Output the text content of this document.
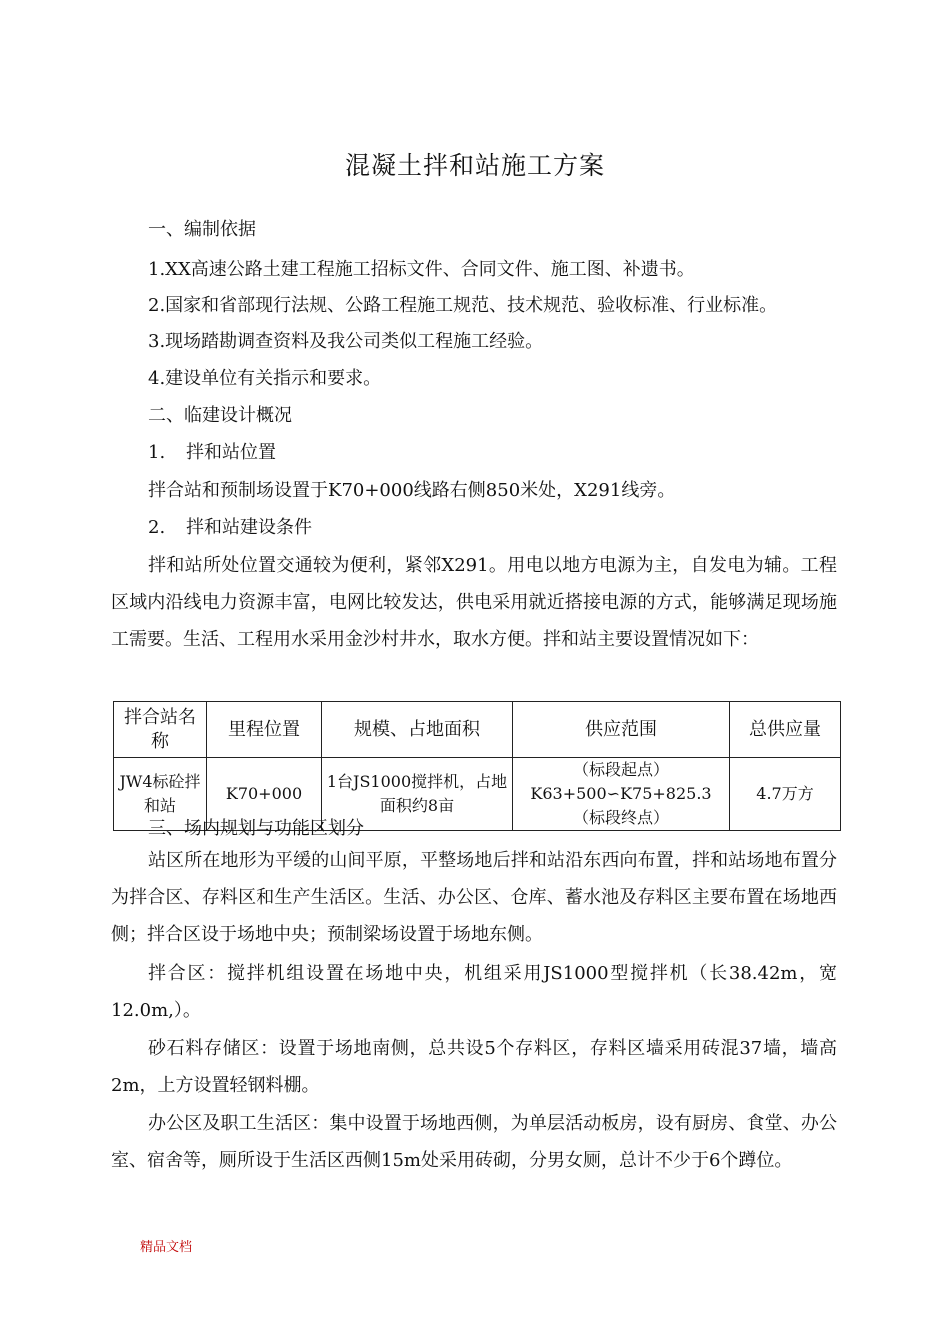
混凝土拌和站施工方案
一、编制依据
1.XX高速公路土建工程施工招标文件、合同文件、施工图、补遗书。
2.国家和省部现行法规、公路工程施工规范、技术规范、验收标准、行业标准。
3.现场踏勘调查资料及我公司类似工程施工经验。
4.建设单位有关指示和要求。
二、临建设计概况
1. 拌和站位置
拌合站和预制场设置于K70+000线路右侧850米处，X291线旁。
2. 拌和站建设条件
拌和站所处位置交通较为便利，紧邻X291。用电以地方电源为主，自发电为辅。工程区域内沿线电力资源丰富，电网比较发达，供电采用就近搭接电源的方式，能够满足现场施工需要。生活、工程用水采用金沙村井水，取水方便。拌和站主要设置情况如下：
拌合站名称	里程位置	规模、占地面积	供应范围	总供应量
JW4标砼拌和站	K70+000	1台JS1000搅拌机，占地面积约8亩	（标段起点）K63+500∽K75+825.3（标段终点）	4.7万方
三、场内规划与功能区划分
站区所在地形为平缓的山间平原，平整场地后拌和站沿东西向布置，拌和站场地布置分为拌合区、存料区和生产生活区。生活、办公区、仓库、蓄水池及存料区主要布置在场地西侧；拌合区设于场地中央；预制梁场设置于场地东侧。
拌合区：搅拌机组设置在场地中央，机组采用JS1000型搅拌机（长38.42m，宽12.0m,）。
砂石料存储区：设置于场地南侧，总共设5个存料区，存料区墙采用砖混37墙，墙高2m，上方设置轻钢料棚。
办公区及职工生活区：集中设置于场地西侧，为单层活动板房，设有厨房、食堂、办公室、宿舍等，厕所设于生活区西侧15m处采用砖砌，分男女厕，总计不少于6个蹲位。
精品文档
